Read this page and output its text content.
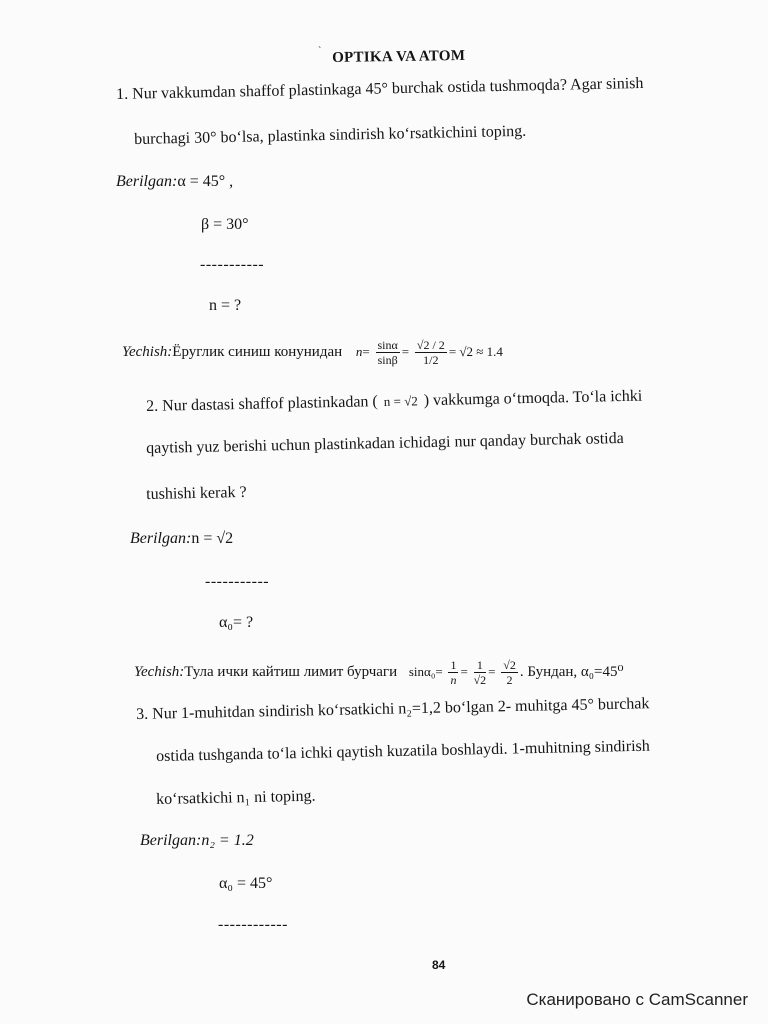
ˋ OPTIKA VA ATOM
1. Nur vakkumdan shaffof plastinkaga 45° burchak ostida tushmoqda? Agar sinish
burchagi 30° bo‘lsa, plastinka sindirish ko‘rsatkichini toping.
Berilgan:α = 45° ,
β = 30°
-----------
n = ?
Yechish:Ёруглик синиш конунидан $n= \frac{\sin\alpha}{\sin\beta} = \frac{√2 / 2}{1/2} = √2 \approx 1.4$
2. Nur dastasi shaffof plastinkadan ( n = √2 ) vakkumga o‘tmoqda. To‘la ichki
qaytish yuz berishi uchun plastinkadan ichidagi nur qanday burchak ostida
tushishi kerak ?
Berilgan:n = √2
-----------
α₀= ?
Yechish:Тула ички кайтиш лимит бурчаги $\sin\alpha_0= \frac{1}{n} = \frac{1}{√2} = \frac{√2}{2}$ . Бундан, α₀=45⁰
3. Nur 1-muhitdan sindirish ko‘rsatkichi n₂=1,2 bo‘lgan 2- muhitga 45° burchak
ostida tushganda to‘la ichki qaytish kuzatila boshlaydi. 1-muhitning sindirish
ko‘rsatkichi n₁ ni toping.
Berilgan:n₂ = 1.2
α₀ = 45°
------------
84
Сканировано с CamScanner
